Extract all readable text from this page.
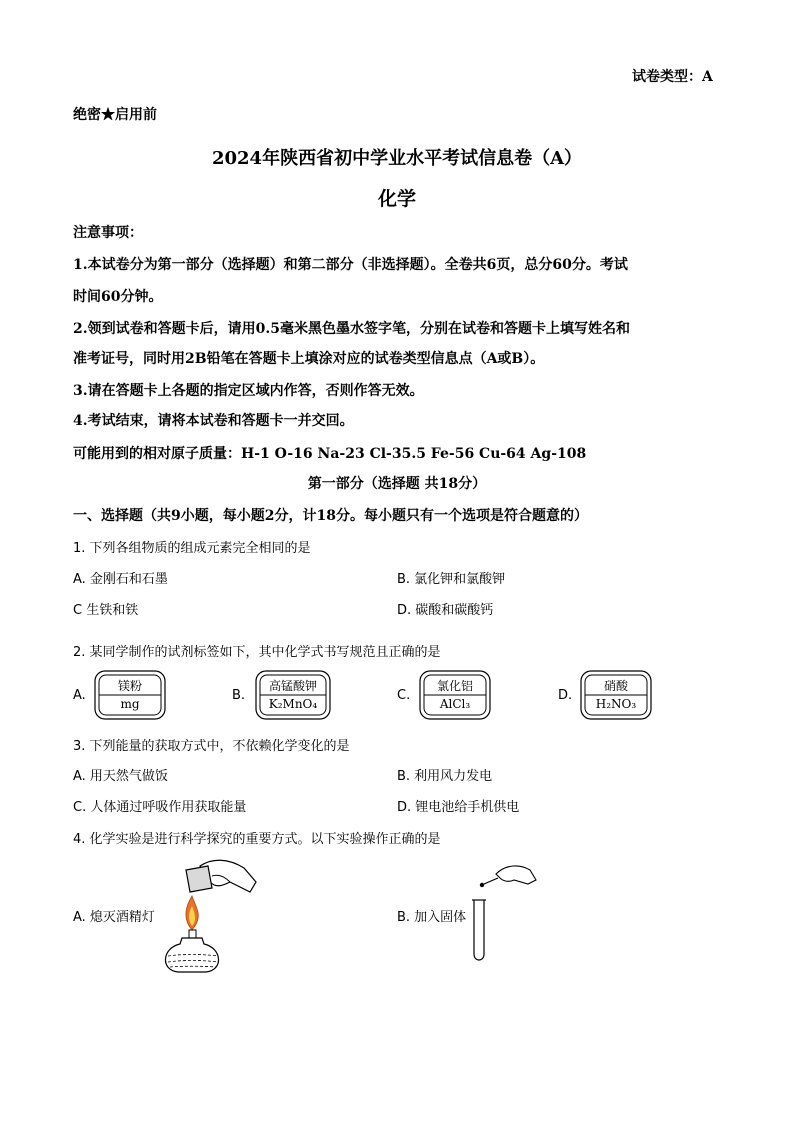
试卷类型：A
绝密★启用前
2024年陕西省初中学业水平考试信息卷（A）
化学
注意事项：
1.本试卷分为第一部分（选择题）和第二部分（非选择题）。全卷共6页，总分60分。考试
时间60分钟。
2.领到试卷和答题卡后，请用0.5毫米黑色墨水签字笔，分别在试卷和答题卡上填写姓名和
准考证号，同时用2B铅笔在答题卡上填涂对应的试卷类型信息点（A或B）。
3.请在答题卡上各题的指定区域内作答，否则作答无效。
4.考试结束，请将本试卷和答题卡一并交回。
可能用到的相对原子质量：H-1 O-16 Na-23 Cl-35.5 Fe-56 Cu-64 Ag-108
第一部分（选择题 共18分）
一、选择题（共9小题，每小题2分，计18分。每小题只有一个选项是符合题意的）
1. 下列各组物质的组成元素完全相同的是
A. 金刚石和石墨	B. 氯化钾和氯酸钾
C 生铁和铁	D. 碳酸和碳酸钙
2. 某同学制作的试剂标签如下，其中化学式书写规范且正确的是
A.
镁粉
mg
B.
高锰酸钾
K₂MnO₄
C.
氯化铝
AlCl₃
D.
硝酸
H₂NO₃
3. 下列能量的获取方式中，不依赖化学变化的是
A. 用天然气做饭	B. 利用风力发电
C. 人体通过呼吸作用获取能量	D. 锂电池给手机供电
4. 化学实验是进行科学探究的重要方式。以下实验操作正确的是
A. 熄灭酒精灯	B. 加入固体
